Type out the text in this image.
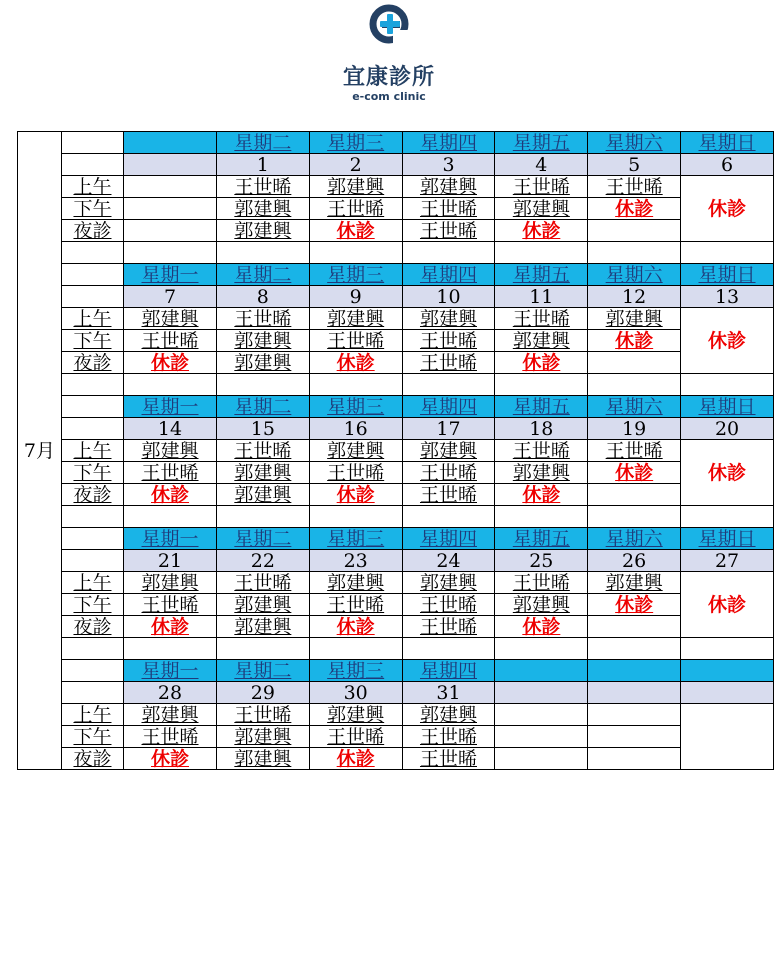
宜康診所
e-com clinic
7月			星期二	星期三	星期四	星期五	星期六	星期日
			1	2	3	4	5	6
	上午		王世晞	郭建興	郭建興	王世晞	王世晞	休診
	下午		郭建興	王世晞	王世晞	郭建興	休診	
	夜診		郭建興	休診	王世晞	休診		

		星期一	星期二	星期三	星期四	星期五	星期六	星期日
		7	8	9	10	11	12	13
	上午	郭建興	王世晞	郭建興	郭建興	王世晞	郭建興	休診
	下午	王世晞	郭建興	王世晞	王世晞	郭建興	休診	
	夜診	休診	郭建興	休診	王世晞	休診		

		星期一	星期二	星期三	星期四	星期五	星期六	星期日
		14	15	16	17	18	19	20
	上午	郭建興	王世晞	郭建興	郭建興	王世晞	王世晞	休診
	下午	王世晞	郭建興	王世晞	王世晞	郭建興	休診	
	夜診	休診	郭建興	休診	王世晞	休診		

		星期一	星期二	星期三	星期四	星期五	星期六	星期日
		21	22	23	24	25	26	27
	上午	郭建興	王世晞	郭建興	郭建興	王世晞	郭建興	休診
	下午	王世晞	郭建興	王世晞	王世晞	郭建興	休診	
	夜診	休診	郭建興	休診	王世晞	休診		

		星期一	星期二	星期三	星期四			
		28	29	30	31			
	上午	郭建興	王世晞	郭建興	郭建興			
	下午	王世晞	郭建興	王世晞	王世晞			
	夜診	休診	郭建興	休診	王世晞			
